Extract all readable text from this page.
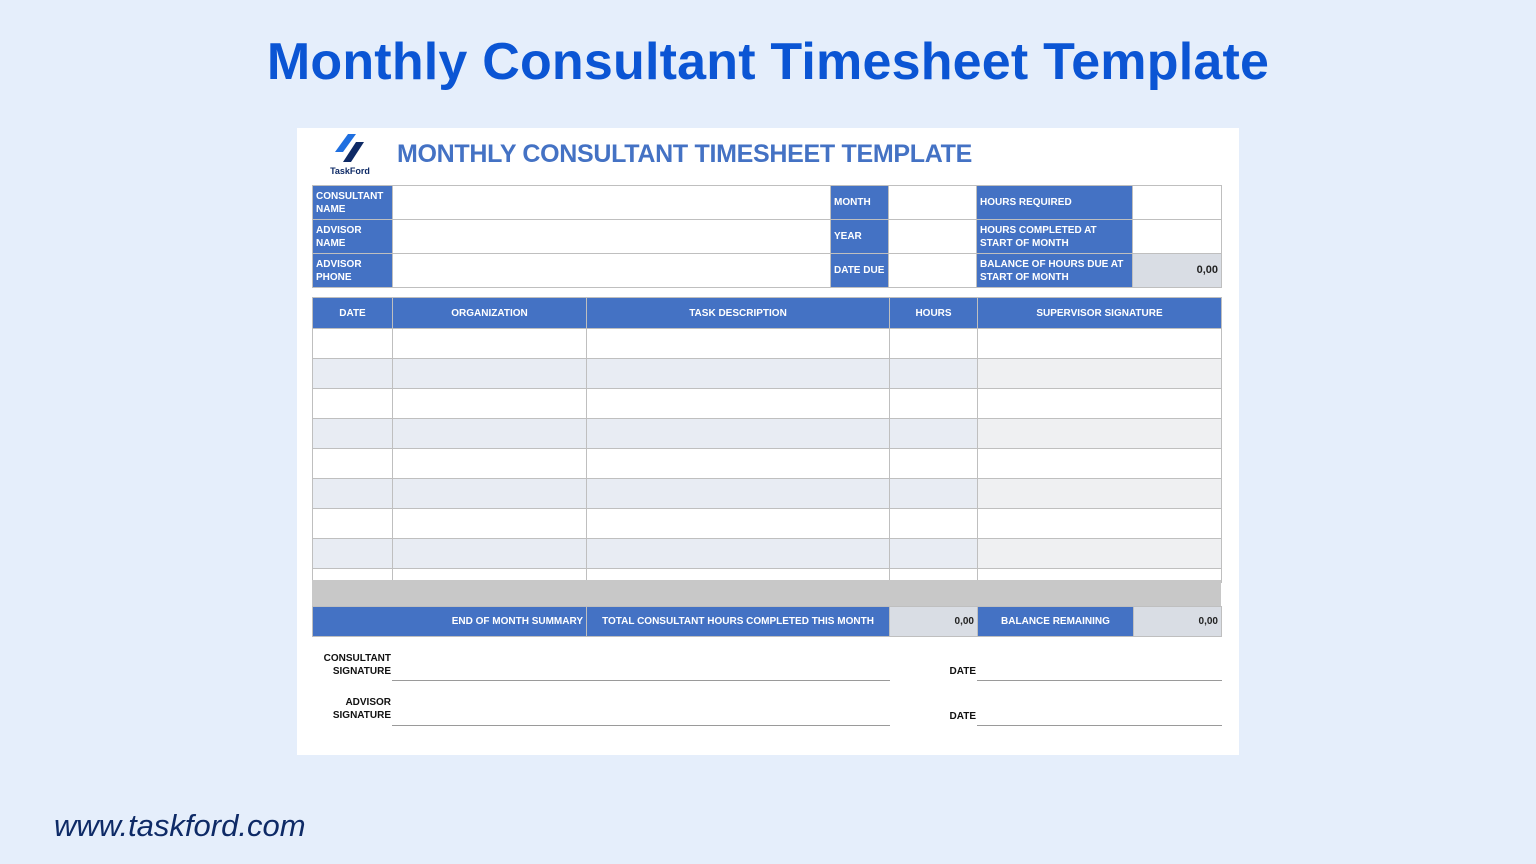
Monthly Consultant Timesheet Template
TaskFord
MONTHLY CONSULTANT TIMESHEET TEMPLATE
CONSULTANT NAME		MONTH		HOURS REQUIRED	
ADVISOR NAME		YEAR		HOURS COMPLETED AT START OF MONTH	
ADVISOR PHONE		DATE DUE		BALANCE OF HOURS DUE AT START OF MONTH	0,00
DATE	ORGANIZATION	TASK DESCRIPTION	HOURS	SUPERVISOR SIGNATURE

END OF MONTH SUMMARY	TOTAL CONSULTANT HOURS COMPLETED THIS MONTH	0,00	BALANCE REMAINING	0,00
CONSULTANT SIGNATURE	DATE
ADVISOR SIGNATURE	DATE
www.taskford.com
